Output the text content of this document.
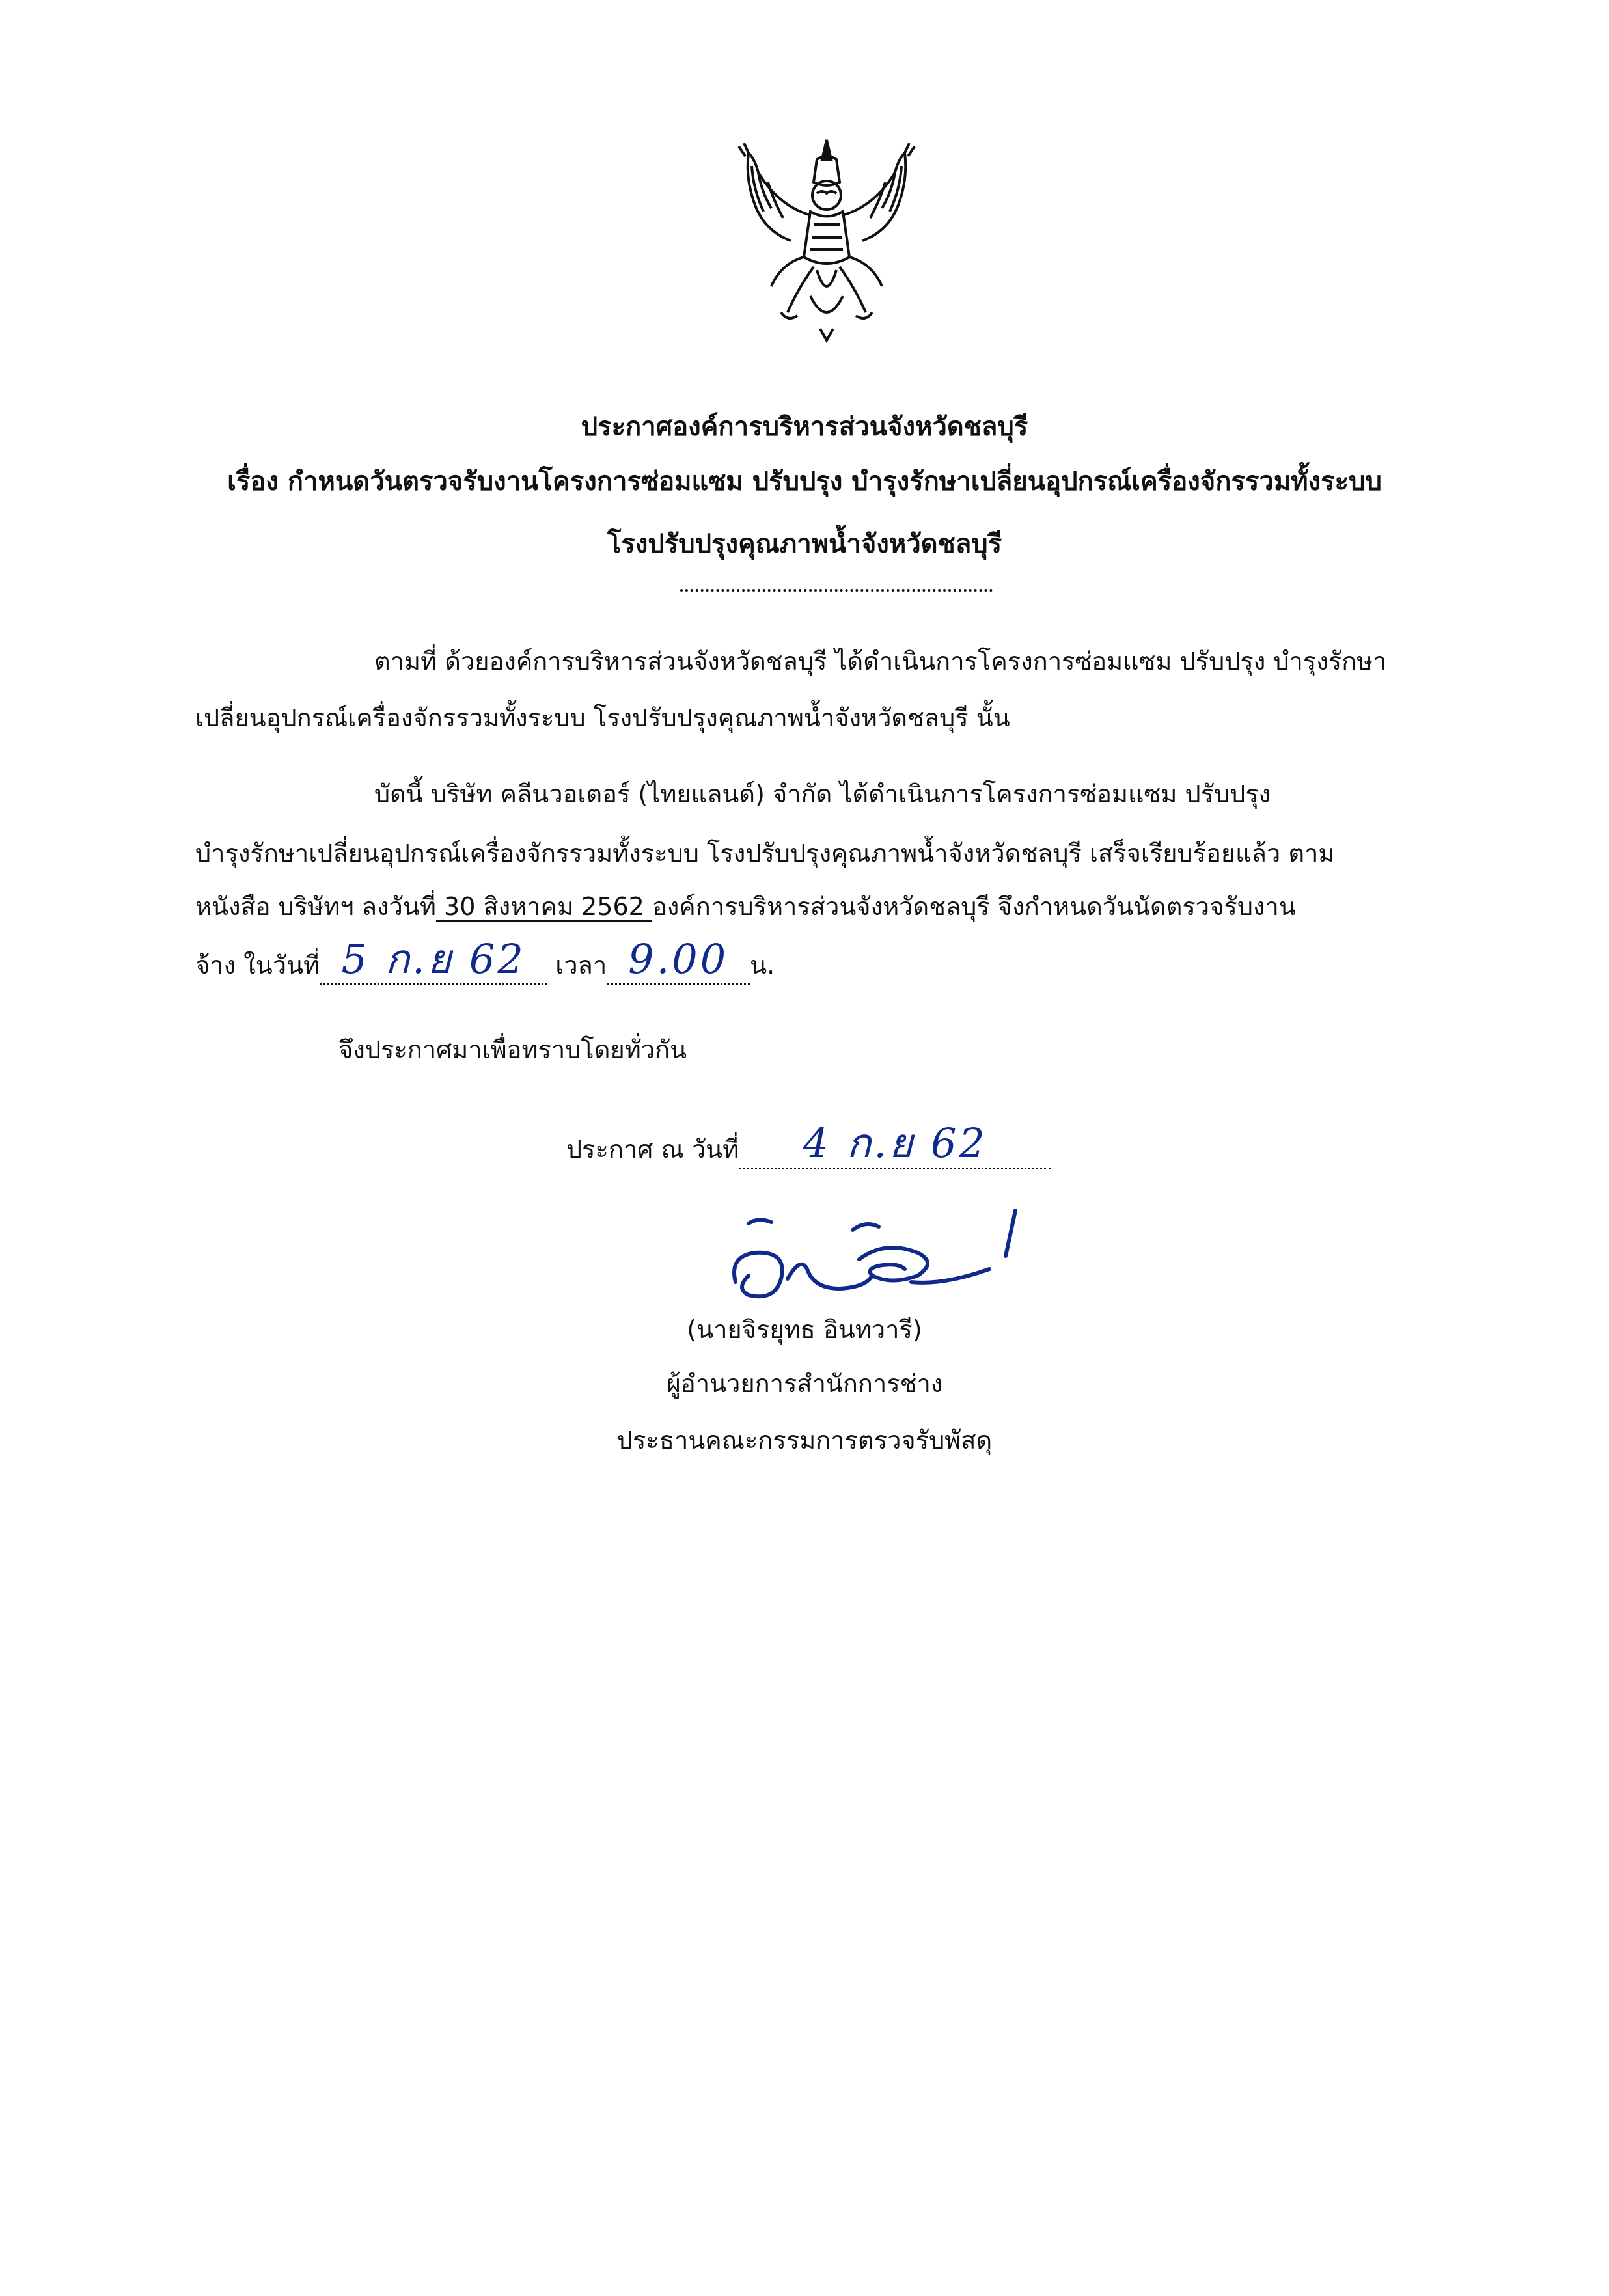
ประกาศองค์การบริหารส่วนจังหวัดชลบุรี
เรื่อง กำหนดวันตรวจรับงานโครงการซ่อมแซม ปรับปรุง บำรุงรักษาเปลี่ยนอุปกรณ์เครื่องจักรรวมทั้งระบบ
โรงปรับปรุงคุณภาพน้ำจังหวัดชลบุรี
ตามที่ ด้วยองค์การบริหารส่วนจังหวัดชลบุรี ได้ดำเนินการโครงการซ่อมแซม ปรับปรุง บำรุงรักษา
เปลี่ยนอุปกรณ์เครื่องจักรรวมทั้งระบบ โรงปรับปรุงคุณภาพน้ำจังหวัดชลบุรี นั้น
บัดนี้ บริษัท คลีนวอเตอร์ (ไทยแลนด์) จำกัด ได้ดำเนินการโครงการซ่อมแซม ปรับปรุง
บำรุงรักษาเปลี่ยนอุปกรณ์เครื่องจักรรวมทั้งระบบ โรงปรับปรุงคุณภาพน้ำจังหวัดชลบุรี เสร็จเรียบร้อยแล้ว ตาม
หนังสือ บริษัทฯ ลงวันที่ 30 สิงหาคม 2562 องค์การบริหารส่วนจังหวัดชลบุรี จึงกำหนดวันนัดตรวจรับงาน
จ้าง ในวันที่ 5 ก.ย 62 เวลา 9.00 น.
จึงประกาศมาเพื่อทราบโดยทั่วกัน
ประกาศ ณ วันที่	4 ก.ย 62
(นายจิรยุทธ อินทวารี)
ผู้อำนวยการสำนักการช่าง
ประธานคณะกรรมการตรวจรับพัสดุ
